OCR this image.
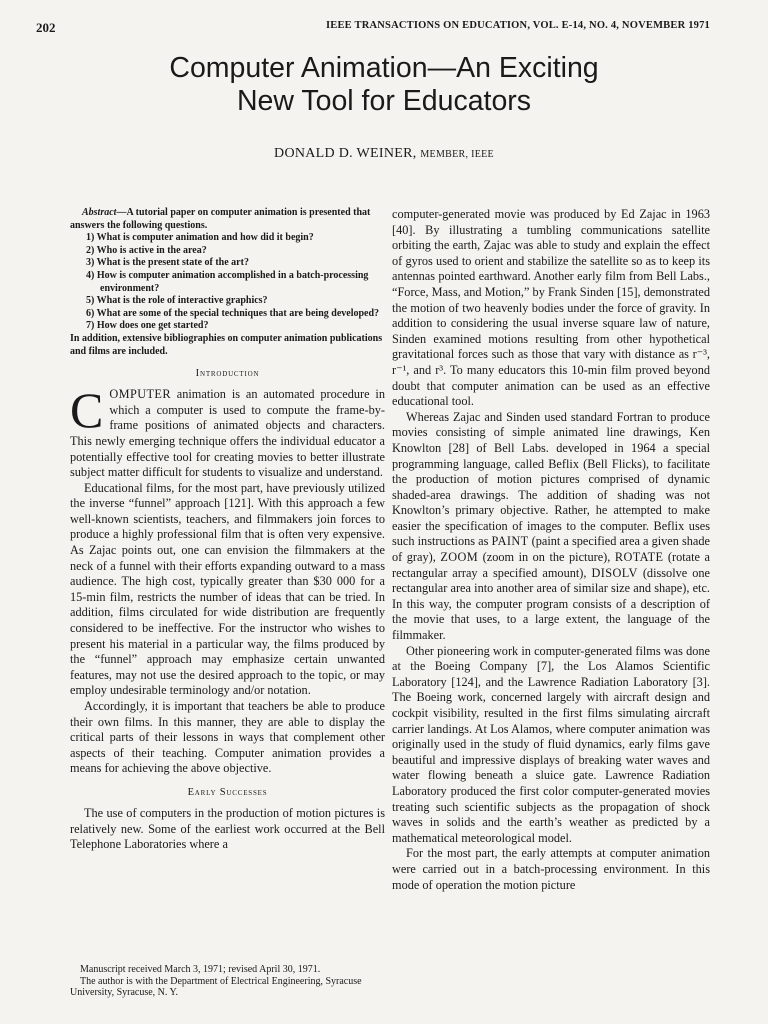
202	IEEE TRANSACTIONS ON EDUCATION, VOL. E-14, NO. 4, NOVEMBER 1971
Computer Animation—An Exciting
New Tool for Educators
DONALD D. WEINER, MEMBER, IEEE

Abstract—A tutorial paper on computer animation is presented that answers the following questions.

1) What is computer animation and how did it begin?
2) Who is active in the area?
3) What is the present state of the art?
4) How is computer animation accomplished in a batch-processing environment?
5) What is the role of interactive graphics?
6) What are some of the special techniques that are being developed?
7) How does one get started?

In addition, extensive bibliographies on computer animation publications and films are included.

Introduction

COMPUTER animation is an automated procedure in which a computer is used to compute the frame-by-frame positions of animated objects and characters. This newly emerging technique offers the individual educator a potentially effective tool for creating movies to better illustrate subject matter difficult for students to visualize and understand.

Educational films, for the most part, have previously utilized the inverse “funnel” approach [121]. With this approach a few well-known scientists, teachers, and filmmakers join forces to produce a highly professional film that is often very expensive. As Zajac points out, one can envision the filmmakers at the neck of a funnel with their efforts expanding outward to a mass audience. The high cost, typically greater than $30 000 for a 15-min film, restricts the number of ideas that can be tried. In addition, films circulated for wide distribution are frequently considered to be ineffective. For the instructor who wishes to present his material in a particular way, the films produced by the “funnel” approach may emphasize certain unwanted features, may not use the desired approach to the topic, or may employ undesirable terminology and/or notation.

Accordingly, it is important that teachers be able to produce their own films. In this manner, they are able to display the critical parts of their lessons in ways that complement other aspects of their teaching. Computer animation provides a means for achieving the above objective.

Early Successes

The use of computers in the production of motion pictures is relatively new. Some of the earliest work occurred at the Bell Telephone Laboratories where a

Manuscript received March 3, 1971; revised April 30, 1971.

The author is with the Department of Electrical Engineering, Syracuse University, Syracuse, N. Y.

computer-generated movie was produced by Ed Zajac in 1963 [40]. By illustrating a tumbling communications satellite orbiting the earth, Zajac was able to study and explain the effect of gyros used to orient and stabilize the satellite so as to keep its antennas pointed earthward. Another early film from Bell Labs., “Force, Mass, and Motion,” by Frank Sinden [15], demonstrated the motion of two heavenly bodies under the force of gravity. In addition to considering the usual inverse square law of nature, Sinden examined motions resulting from other hypothetical gravitational forces such as those that vary with distance as r⁻³, r⁻¹, and r³. To many educators this 10-min film proved beyond doubt that computer animation can be used as an effective educational tool.

Whereas Zajac and Sinden used standard Fortran to produce movies consisting of simple animated line drawings, Ken Knowlton [28] of Bell Labs. developed in 1964 a special programming language, called Beflix (Bell Flicks), to facilitate the production of motion pictures comprised of dynamic shaded-area drawings. The addition of shading was not Knowlton’s primary objective. Rather, he attempted to make easier the specification of images to the computer. Beflix uses such instructions as PAINT (paint a specified area a given shade of gray), ZOOM (zoom in on the picture), ROTATE (rotate a rectangular array a specified amount), DISOLV (dissolve one rectangular area into another area of similar size and shape), etc. In this way, the computer program consists of a description of the movie that uses, to a large extent, the language of the filmmaker.

Other pioneering work in computer-generated films was done at the Boeing Company [7], the Los Alamos Scientific Laboratory [124], and the Lawrence Radiation Laboratory [3]. The Boeing work, concerned largely with aircraft design and cockpit visibility, resulted in the first films simulating aircraft carrier landings. At Los Alamos, where computer animation was originally used in the study of fluid dynamics, early films gave beautiful and impressive displays of breaking water waves and water flowing beneath a sluice gate. Lawrence Radiation Laboratory produced the first color computer-generated movies treating such scientific subjects as the propagation of shock waves in solids and the earth’s weather as predicted by a mathematical meteorological model.

For the most part, the early attempts at computer animation were carried out in a batch-processing environment. In this mode of operation the motion picture
